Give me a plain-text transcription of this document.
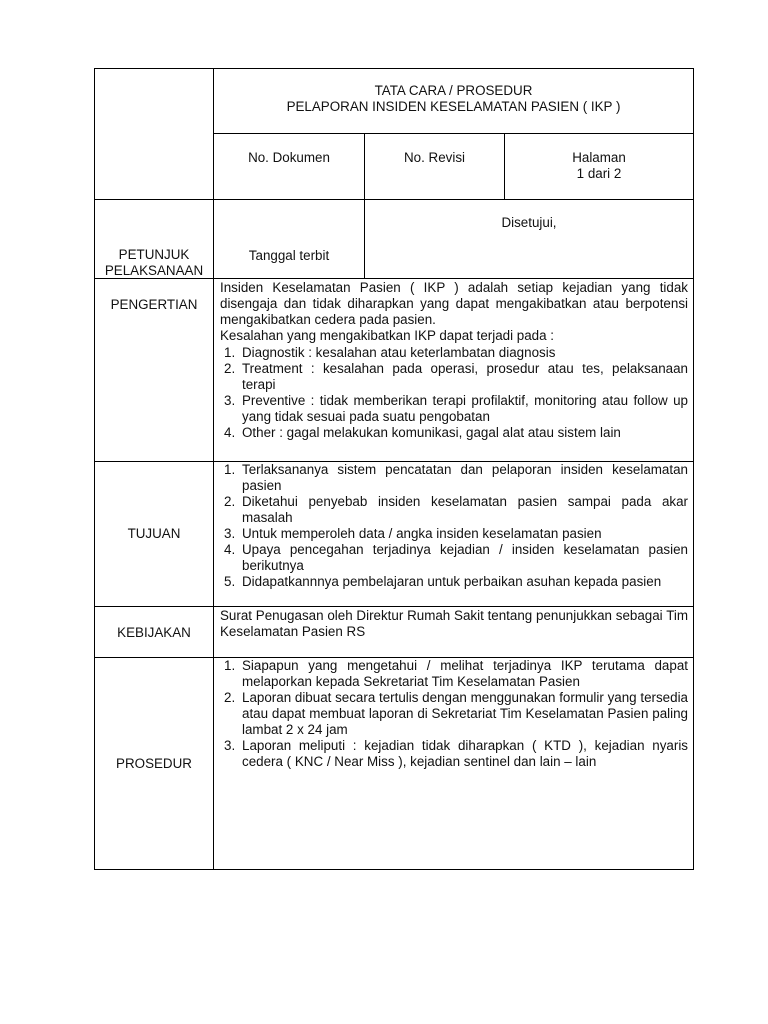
TATA CARA / PROSEDUR
PELAPORAN INSIDEN KESELAMATAN PASIEN ( IKP )
No. Dokumen	No. Revisi	Halaman
1 dari 2
PETUNJUK
PELAKSANAAN
Tanggal terbit
Disetujui,
PENGERTIAN
Insiden Keselamatan Pasien ( IKP ) adalah setiap kejadian yang tidak disengaja dan tidak diharapkan yang dapat mengakibatkan atau berpotensi mengakibatkan cedera pada pasien.
Kesalahan yang mengakibatkan IKP dapat terjadi pada :
1. Diagnostik : kesalahan atau keterlambatan diagnosis
2. Treatment : kesalahan pada operasi, prosedur atau tes, pelaksanaan terapi
3. Preventive : tidak memberikan terapi profilaktif, monitoring atau follow up yang tidak sesuai pada suatu pengobatan
4. Other : gagal melakukan komunikasi, gagal alat atau sistem lain
TUJUAN
1. Terlaksananya sistem pencatatan dan pelaporan insiden keselamatan pasien
2. Diketahui penyebab insiden keselamatan pasien sampai pada akar masalah
3. Untuk memperoleh data / angka insiden keselamatan pasien
4. Upaya pencegahan terjadinya kejadian / insiden keselamatan pasien berikutnya
5. Didapatkannnya pembelajaran untuk perbaikan asuhan kepada pasien
KEBIJAKAN
Surat Penugasan oleh Direktur Rumah Sakit tentang penunjukkan sebagai Tim Keselamatan Pasien RS
PROSEDUR
1. Siapapun yang mengetahui / melihat terjadinya IKP terutama dapat melaporkan kepada Sekretariat Tim Keselamatan Pasien
2. Laporan dibuat secara tertulis dengan menggunakan formulir yang tersedia atau dapat membuat laporan di Sekretariat Tim Keselamatan Pasien paling lambat 2 x 24 jam
3. Laporan meliputi : kejadian tidak diharapkan ( KTD ), kejadian nyaris cedera ( KNC / Near Miss ), kejadian sentinel dan lain – lain
